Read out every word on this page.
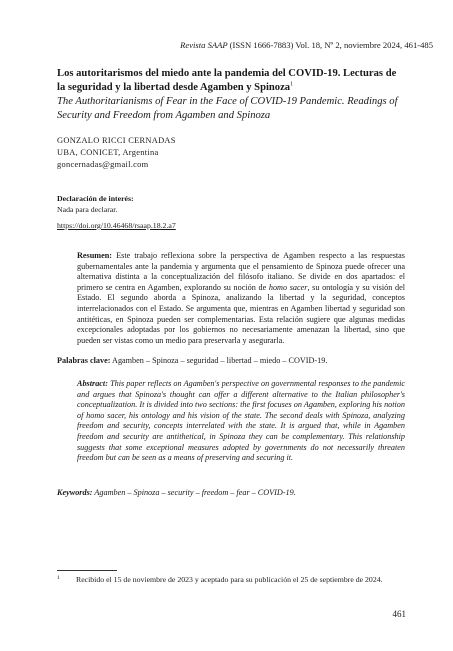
Revista SAAP (ISSN 1666-7883) Vol. 18, Nº 2, noviembre 2024, 461-485
Los autoritarismos del miedo ante la pandemia del COVID-19. Lecturas de la seguridad y la libertad desde Agamben y Spinoza$^1$
The Authoritarianisms of Fear in the Face of COVID-19 Pandemic. Readings of Security and Freedom from Agamben and Spinoza
GONZALO RICCI CERNADAS
UBA, CONICET, Argentina
goncernadas@gmail.com
Declaración de interés:
Nada para declarar.
https://doi.org/10.46468/rsaap.18.2.a7
Resumen: Este trabajo reflexiona sobre la perspectiva de Agamben respecto a las respuestas gubernamentales ante la pandemia y argumenta que el pensamiento de Spinoza puede ofrecer una alternativa distinta a la conceptualización del filósofo italiano. Se divide en dos apartados: el primero se centra en Agamben, explorando su noción de homo sacer, su ontología y su visión del Estado. El segundo aborda a Spinoza, analizando la libertad y la seguridad, conceptos interrelacionados con el Estado. Se argumenta que, mientras en Agamben libertad y seguridad son antitéticas, en Spinoza pueden ser complementarias. Esta relación sugiere que algunas medidas excepcionales adoptadas por los gobiernos no necesariamente amenazan la libertad, sino que pueden ser vistas como un medio para preservarla y asegurarla.
Palabras clave: Agamben – Spinoza – seguridad – libertad – miedo – COVID-19.
Abstract: This paper reflects on Agamben's perspective on governmental responses to the pandemic and argues that Spinoza's thought can offer a different alternative to the Italian philosopher's conceptualization. It is divided into two sections: the first focuses on Agamben, exploring his notion of homo sacer, his ontology and his vision of the state. The second deals with Spinoza, analyzing freedom and security, concepts interrelated with the state. It is argued that, while in Agamben freedom and security are antithetical, in Spinoza they can be complementary. This relationship suggests that some exceptional measures adopted by governments do not necessarily threaten freedom but can be seen as a means of preserving and securing it.
Keywords: Agamben – Spinoza – security – freedom – fear – COVID-19.
1 Recibido el 15 de noviembre de 2023 y aceptado para su publicación el 25 de septiembre de 2024.
461
